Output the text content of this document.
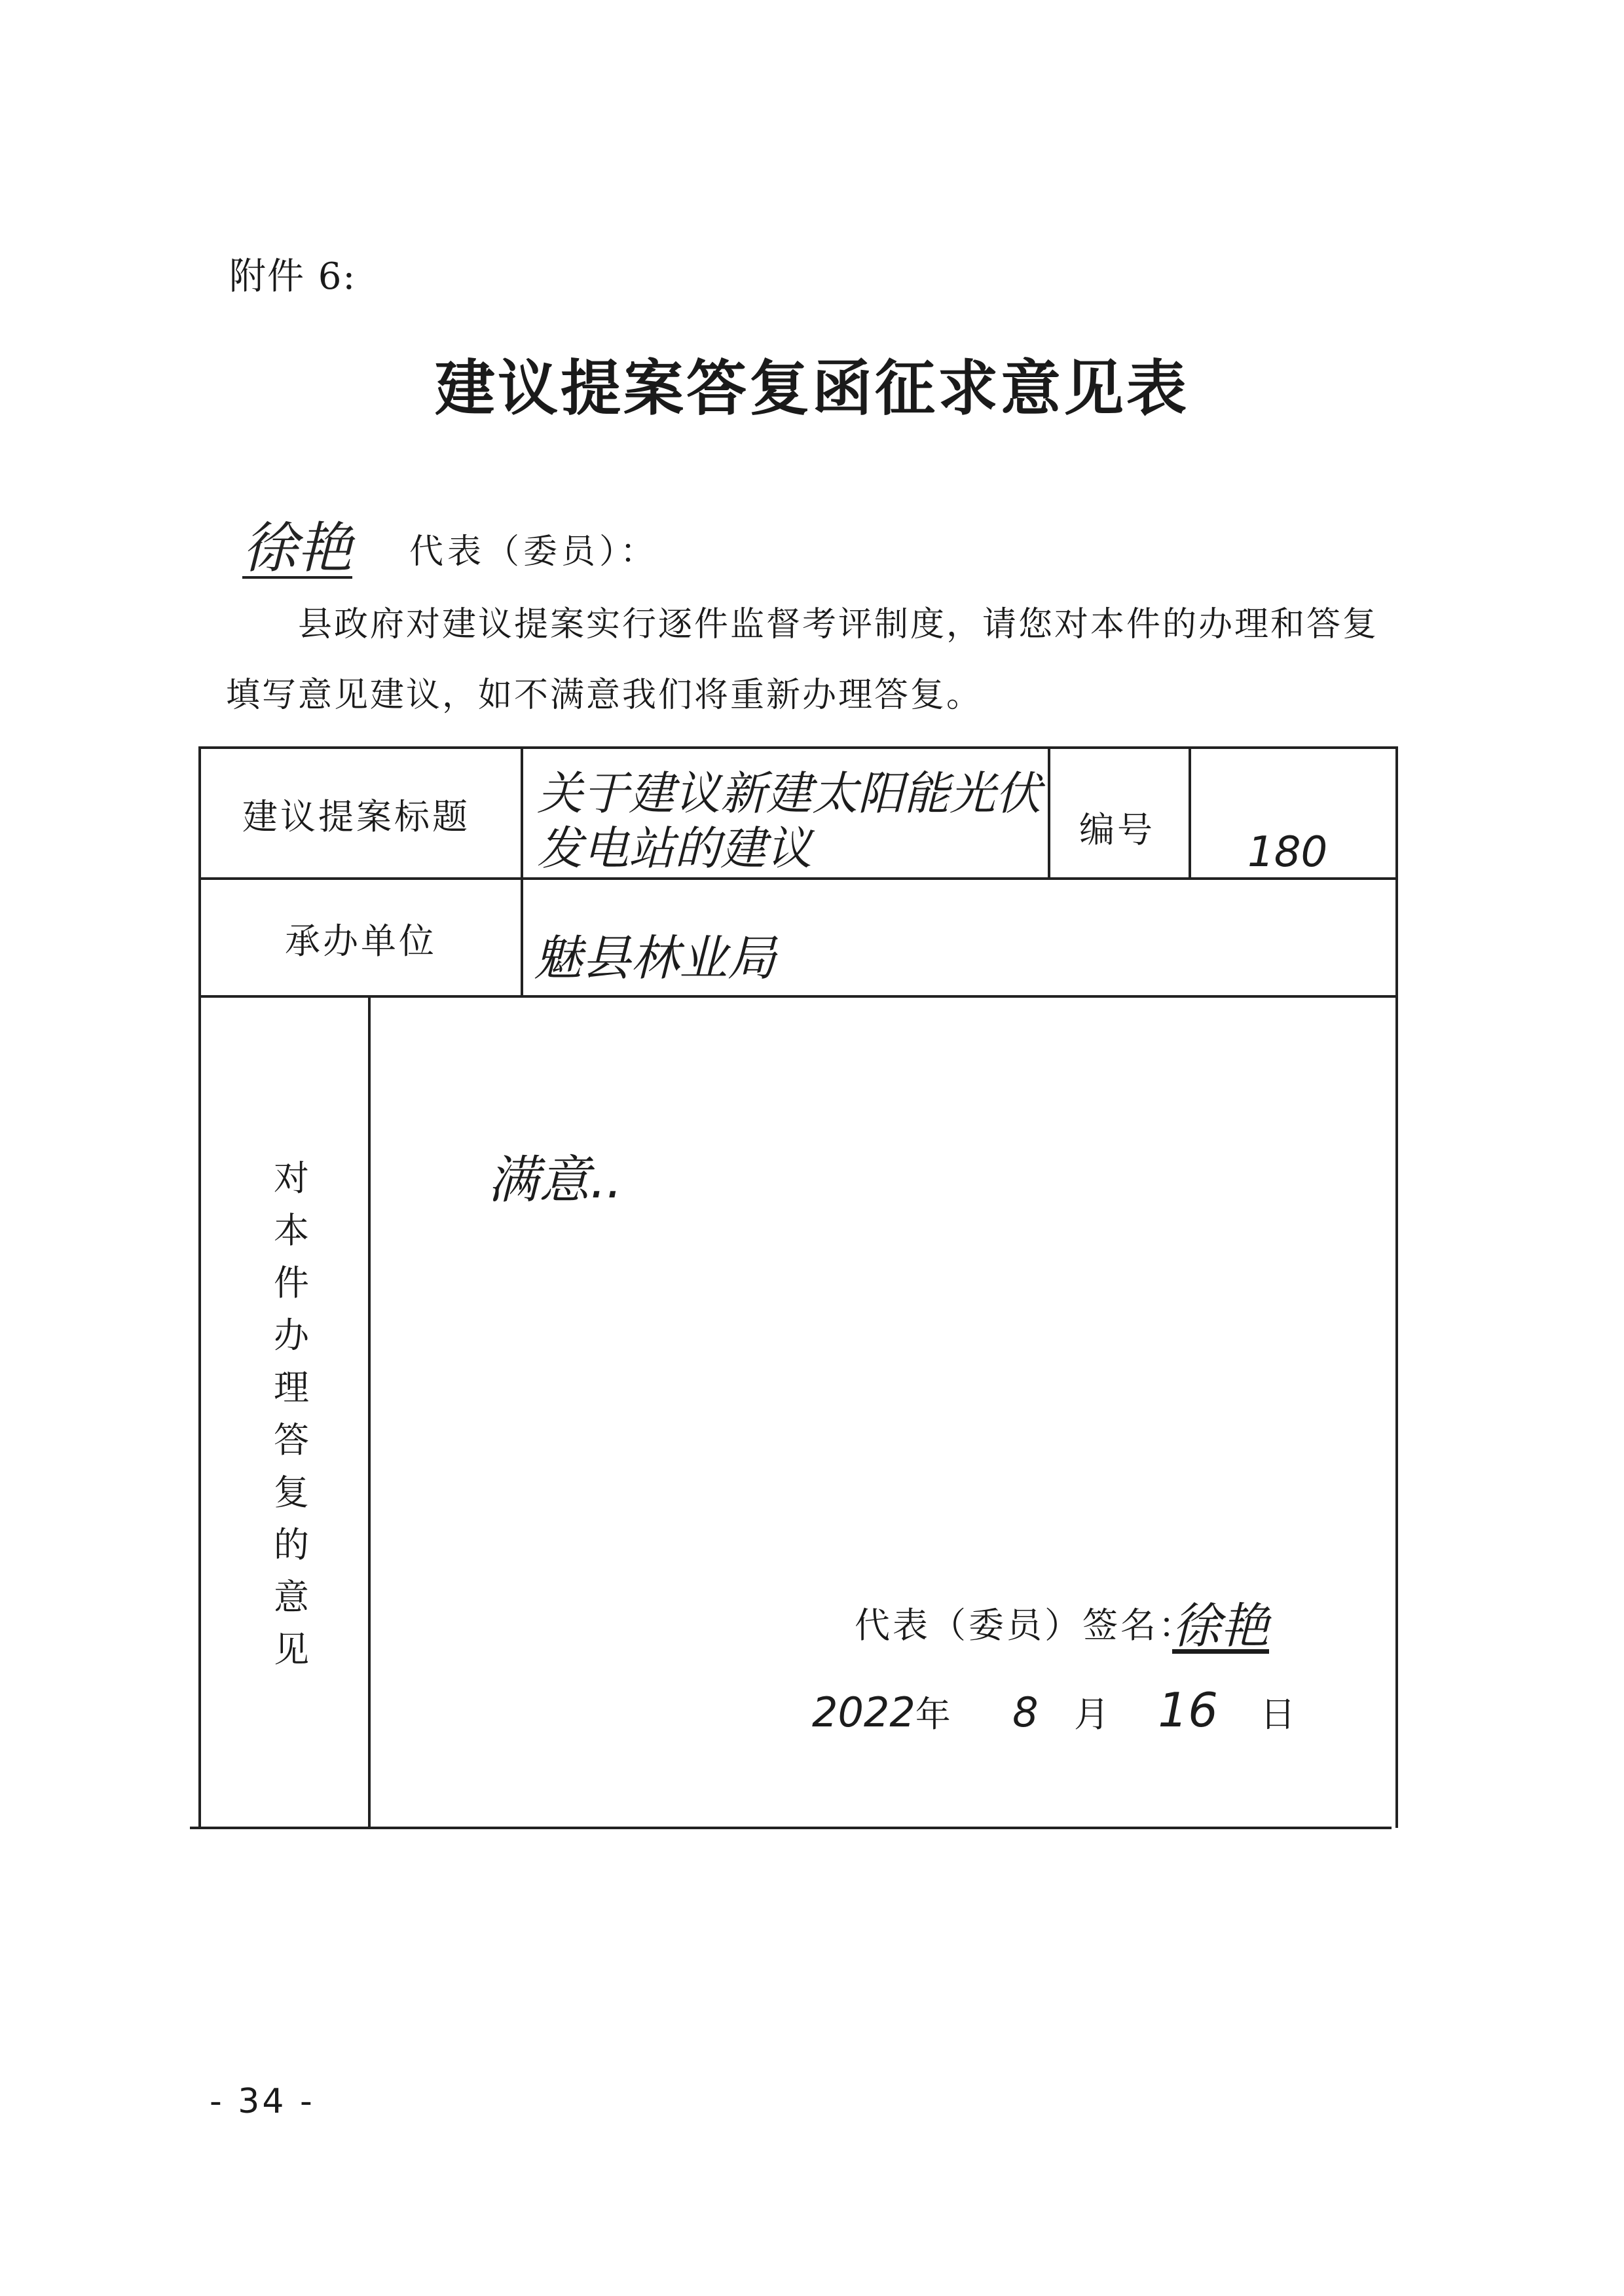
附件 6:
建议提案答复函征求意见表
徐艳 代表（委员）：
县政府对建议提案实行逐件监督考评制度，请您对本件的办理和答复填写意见建议，如不满意我们将重新办理答复。
建议提案标题 关于建议新建太阳能光伏发电站的建议	编号 180
承办单位 魅县林业局
对
本
件
办
理
答
复
的
意
见
满意..
代表（委员）签名：
徐艳
2022年 8 月 16 日
- 34 -
